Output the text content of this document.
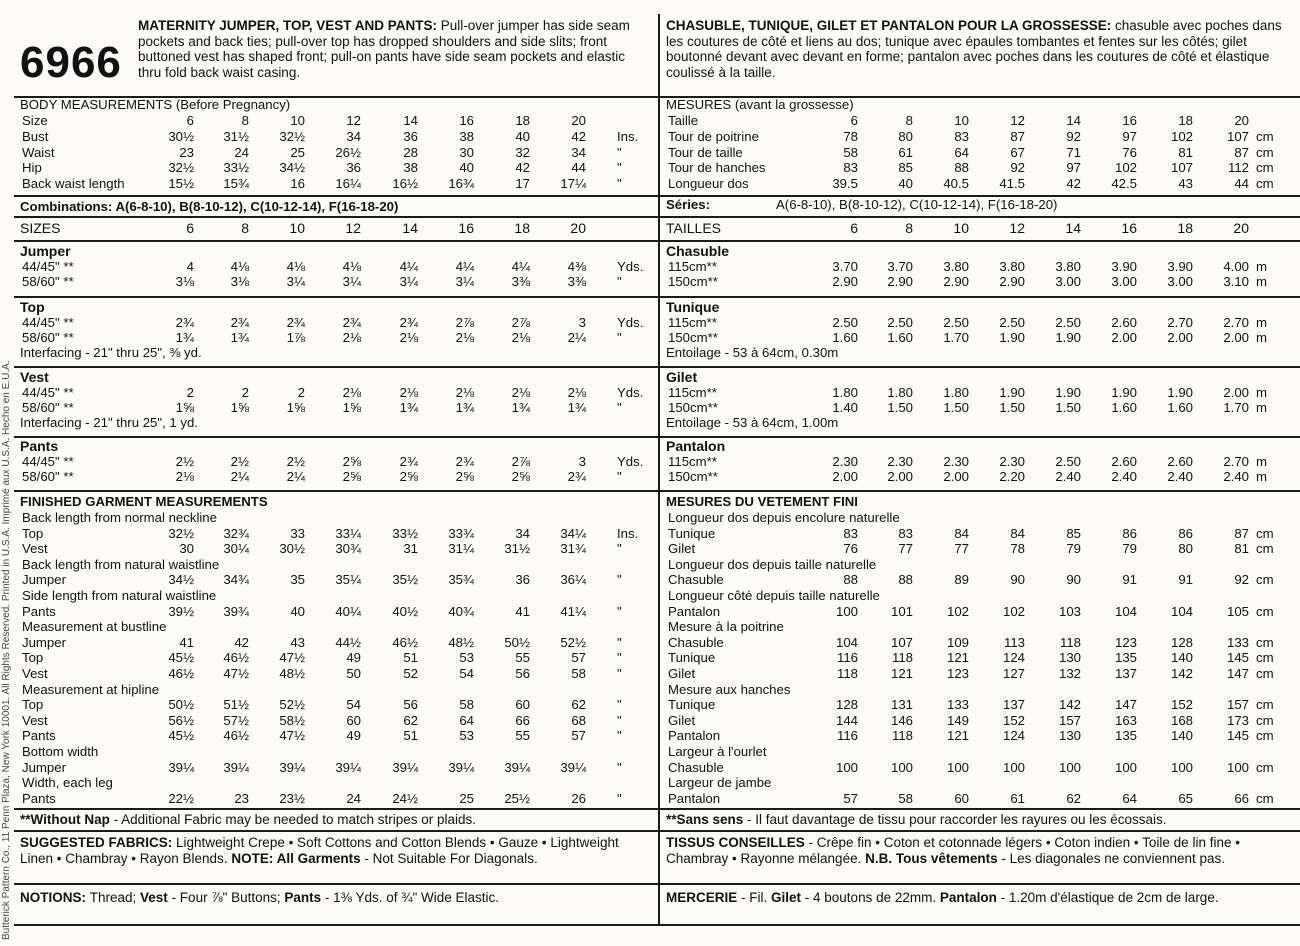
Butterick Pattern Co., 11 Penn Plaza, New York 10001. All Rights Reserved. Printed in U.S.A. Imprimé aux U.S.A. Hecho en E.U.A.
6966
MATERNITY JUMPER, TOP, VEST AND PANTS: Pull-over jumper has side seam pockets and back ties; pull-over top has dropped shoulders and side slits; front buttoned vest has shaped front; pull-on pants have side seam pockets and elastic thru fold back waist casing.
CHASUBLE, TUNIQUE, GILET ET PANTALON POUR LA GROSSESSE: chasuble avec poches dans les coutures de côté et liens au dos; tunique avec épaules tombantes et fentes sur les côtés; gilet boutonné devant avec devant en forme; pantalon avec poches dans les coutures de côté et élastique coulissé à la taille.
BODY MEASUREMENTS (Before Pregnancy)
Size	6	8	10	12	14	16	18	20
Bust	30½	31½	32½	34	36	38	40	42 Ins.
Waist	23	24	25	26½	28	30	32	34 "
Hip	32½	33½	34½	36	38	40	42	44 "
Back waist length	15½	15¾	16	16¼	16½	16¾	17	17¼ "
Combinations: A(6-8-10), B(8-10-12), C(10-12-14), F(16-18-20)
SIZES	6	8	10	12	14	16	18	20
Jumper
44/45" **	4	4⅛	4⅛	4⅛	4¼	4¼	4¼	4⅜ Yds.
58/60" **	3⅛	3⅛	3¼	3¼	3¼	3¼	3⅜	3⅜ "
Top
44/45" **	2¾	2¾	2¾	2¾	2¾	2⅞	2⅞	3 Yds.
58/60" **	1¾	1¾	1⅞	2⅛	2⅛	2⅛	2⅛	2¼ "
Interfacing - 21" thru 25", ⅜ yd.
Vest
44/45" **	2	2	2	2⅛	2⅛	2⅛	2⅛	2⅛ Yds.
58/60" **	1⅝	1⅝	1⅝	1⅝	1¾	1¾	1¾	1¾ "
Interfacing - 21" thru 25", 1 yd.
Pants
44/45" **	2½	2½	2½	2⅝	2¾	2¾	2⅞	3 Yds.
58/60" **	2⅛	2¼	2¼	2⅝	2⅝	2⅝	2⅝	2¾ "
FINISHED GARMENT MEASUREMENTS
Back length from normal neckline
Top	32½	32¾	33	33¼	33½	33¾	34	34¼ Ins.
Vest	30	30¼	30½	30¾	31	31¼	31½	31¾ "
Back length from natural waistline
Jumper	34½	34¾	35	35¼	35½	35¾	36	36¼ "
Side length from natural waistline
Pants	39½	39¾	40	40¼	40½	40¾	41	41¼ "
Measurement at bustline
Jumper	41	42	43	44½	46½	48½	50½	52½ "
Top	45½	46½	47½	49	51	53	55	57 "
Vest	46½	47½	48½	50	52	54	56	58 "
Measurement at hipline
Top	50½	51½	52½	54	56	58	60	62 "
Vest	56½	57½	58½	60	62	64	66	68 "
Pants	45½	46½	47½	49	51	53	55	57 "
Bottom width
Jumper	39¼	39¼	39¼	39¼	39¼	39¼	39¼	39¼ "
Width, each leg
Pants	22½	23	23½	24	24½	25	25½	26 "
MESURES (avant la grossesse)
Taille	6	8	10	12	14	16	18	20
Tour de poitrine	78	80	83	87	92	97	102	107 cm
Tour de taille	58	61	64	67	71	76	81	87 cm
Tour de hanches	83	85	88	92	97	102	107	112 cm
Longueur dos	39.5	40	40.5	41.5	42	42.5	43	44 cm
Séries:	A(6-8-10), B(8-10-12), C(10-12-14), F(16-18-20)
TAILLES	6	8	10	12	14	16	18	20
Chasuble
115cm**	3.70	3.70	3.80	3.80	3.80	3.90	3.90	4.00 m
150cm**	2.90	2.90	2.90	2.90	3.00	3.00	3.00	3.10 m
Tunique
115cm**	2.50	2.50	2.50	2.50	2.50	2.60	2.70	2.70 m
150cm**	1.60	1.60	1.70	1.90	1.90	2.00	2.00	2.00 m
Entoilage - 53 à 64cm, 0.30m
Gilet
115cm**	1.80	1.80	1.80	1.90	1.90	1.90	1.90	2.00 m
150cm**	1.40	1.50	1.50	1.50	1.50	1.60	1.60	1.70 m
Entoilage - 53 à 64cm, 1.00m
Pantalon
115cm**	2.30	2.30	2.30	2.30	2.50	2.60	2.60	2.70 m
150cm**	2.00	2.00	2.00	2.20	2.40	2.40	2.40	2.40 m
MESURES DU VETEMENT FINI
Longueur dos depuis encolure naturelle
Tunique	83	83	84	84	85	86	86	87 cm
Gilet	76	77	77	78	79	79	80	81 cm
Longueur dos depuis taille naturelle
Chasuble	88	88	89	90	90	91	91	92 cm
Longueur côté depuis taille naturelle
Pantalon	100	101	102	102	103	104	104	105 cm
Mesure à la poitrine
Chasuble	104	107	109	113	118	123	128	133 cm
Tunique	116	118	121	124	130	135	140	145 cm
Gilet	118	121	123	127	132	137	142	147 cm
Mesure aux hanches
Tunique	128	131	133	137	142	147	152	157 cm
Gilet	144	146	149	152	157	163	168	173 cm
Pantalon	116	118	121	124	130	135	140	145 cm
Largeur à l'ourlet
Chasuble	100	100	100	100	100	100	100	100 cm
Largeur de jambe
Pantalon	57	58	60	61	62	64	65	66 cm
**Without Nap - Additional Fabric may be needed to match stripes or plaids.	**Sans sens - Il faut davantage de tissu pour raccorder les rayures ou les écossais.
SUGGESTED FABRICS: Lightweight Crepe • Soft Cottons and Cotton Blends • Gauze • Lightweight Linen • Chambray • Rayon Blends. NOTE: All Garments - Not Suitable For Diagonals.
TISSUS CONSEILLES - Crêpe fin • Coton et cotonnade légers • Coton indien • Toile de lin fine • Chambray • Rayonne mélangée. N.B. Tous vêtements - Les diagonales ne conviennent pas.
NOTIONS: Thread; Vest - Four ⅞" Buttons; Pants - 1⅜ Yds. of ¾" Wide Elastic.	MERCERIE - Fil. Gilet - 4 boutons de 22mm. Pantalon - 1.20m d'élastique de 2cm de large.
